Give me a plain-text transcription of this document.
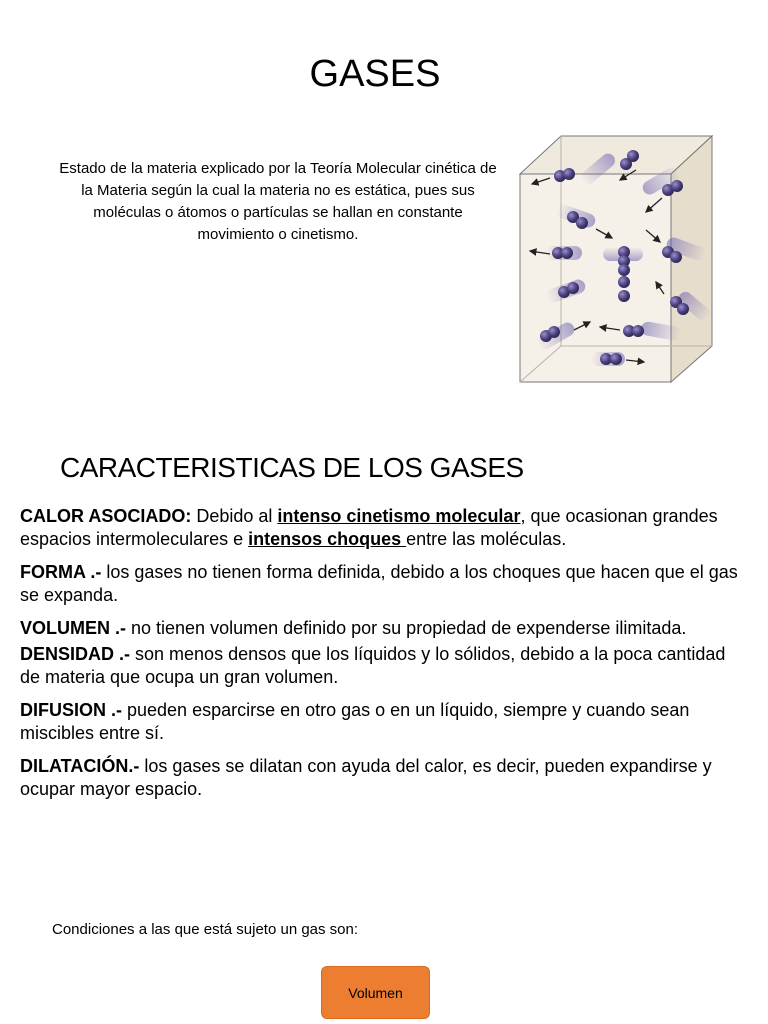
GASES
Estado de la materia explicado por la Teoría Molecular cinética de la Materia según la cual la materia no es estática, pues sus moléculas o átomos o partículas se hallan en constante movimiento o cinetismo.
CARACTERISTICAS DE LOS GASES

CALOR ASOCIADO: Debido al intenso cinetismo molecular, que ocasionan grandes espacios intermoleculares e intensos choques entre las moléculas.

FORMA .- los gases no tienen forma definida, debido a los choques que hacen que el gas se expanda.

VOLUMEN .- no tienen volumen definido por su propiedad de expenderse ilimitada.

DENSIDAD .- son menos densos que los líquidos y lo sólidos, debido a la poca cantidad de materia que ocupa un gran volumen.

DIFUSION .- pueden esparcirse en otro gas o en un líquido, siempre y cuando sean miscibles entre sí.

DILATACIÓN.- los gases se dilatan con ayuda del calor, es decir, pueden expandirse y ocupar mayor espacio.

Condiciones a las que está sujeto un gas son:
Volumen
